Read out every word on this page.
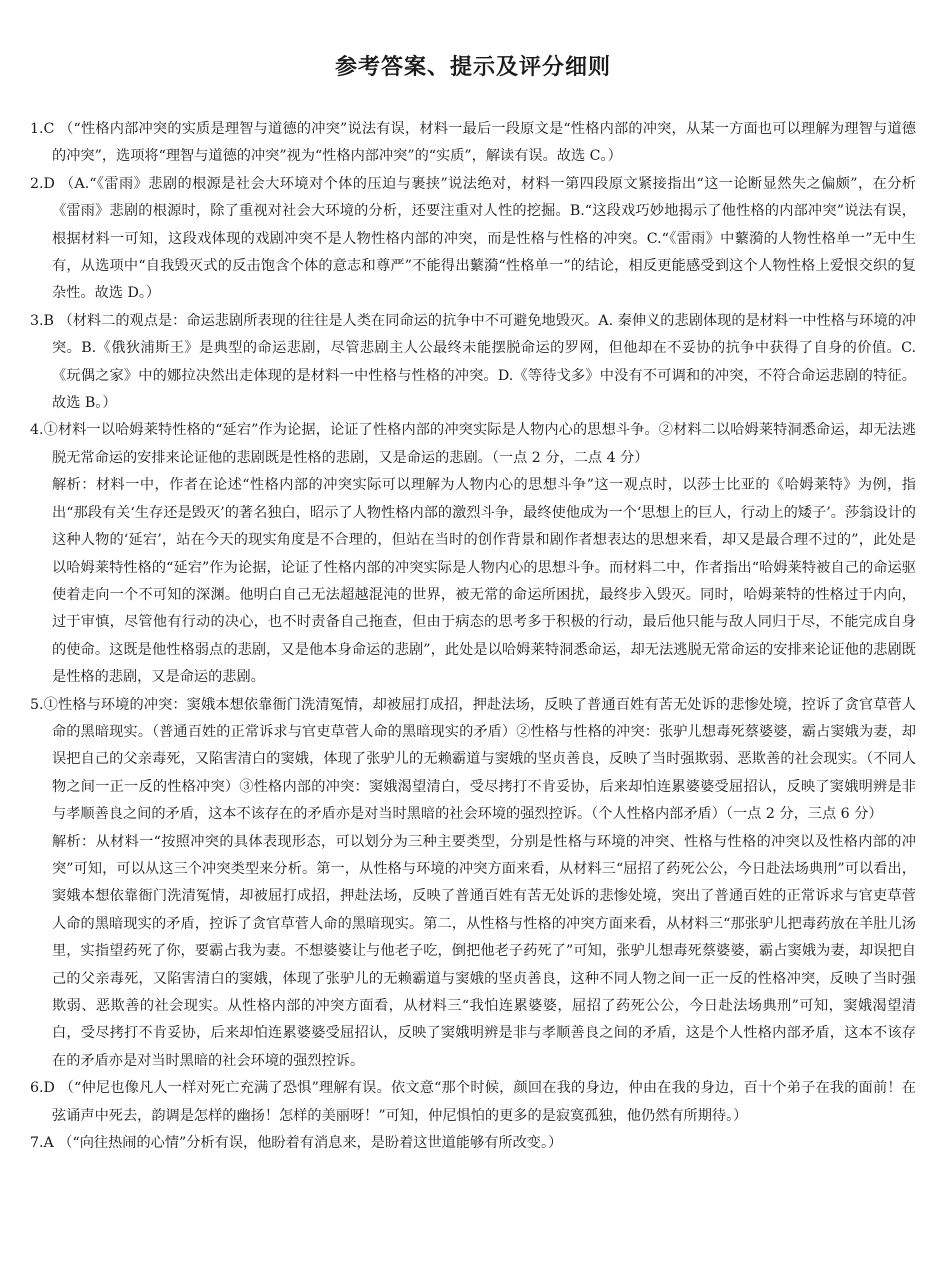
参考答案、提示及评分细则

1.C （“性格内部冲突的实质是理智与道德的冲突”说法有误，材料一最后一段原文是“性格内部的冲突，从某一方面也可以理解为理智与道德的冲突”，选项将“理智与道德的冲突”视为“性格内部冲突”的“实质”，解读有误。故选 C。）

2.D （A.“《雷雨》悲剧的根源是社会大环境对个体的压迫与裹挟”说法绝对，材料一第四段原文紧接指出“这一论断显然失之偏颇”，在分析《雷雨》悲剧的根源时，除了重视对社会大环境的分析，还要注重对人性的挖掘。B.“这段戏巧妙地揭示了他性格的内部冲突”说法有误，根据材料一可知，这段戏体现的戏剧冲突不是人物性格内部的冲突，而是性格与性格的冲突。C.“《雷雨》中蘩漪的人物性格单一”无中生有，从选项中“自我毁灭式的反击饱含个体的意志和尊严”不能得出蘩漪“性格单一”的结论，相反更能感受到这个人物性格上爱恨交织的复杂性。故选 D。）

3.B （材料二的观点是：命运悲剧所表现的往往是人类在同命运的抗争中不可避免地毁灭。A. 秦伸义的悲剧体现的是材料一中性格与环境的冲突。B.《俄狄浦斯王》是典型的命运悲剧，尽管悲剧主人公最终未能摆脱命运的罗网，但他却在不妥协的抗争中获得了自身的价值。C.《玩偶之家》中的娜拉决然出走体现的是材料一中性格与性格的冲突。D.《等待戈多》中没有不可调和的冲突，不符合命运悲剧的特征。故选 B。）

4.①材料一以哈姆莱特性格的“延宕”作为论据，论证了性格内部的冲突实际是人物内心的思想斗争。②材料二以哈姆莱特洞悉命运，却无法逃脱无常命运的安排来论证他的悲剧既是性格的悲剧，又是命运的悲剧。（一点 2 分，二点 4 分）

解析：材料一中，作者在论述“性格内部的冲突实际可以理解为人物内心的思想斗争”这一观点时，以莎士比亚的《哈姆莱特》为例，指出“那段有关‘生存还是毁灭’的著名独白，昭示了人物性格内部的激烈斗争，最终使他成为一个‘思想上的巨人，行动上的矮子’。莎翁设计的这种人物的‘延宕’，站在今天的现实角度是不合理的，但站在当时的创作背景和剧作者想表达的思想来看，却又是最合理不过的”，此处是以哈姆莱特性格的“延宕”作为论据，论证了性格内部的冲突实际是人物内心的思想斗争。而材料二中，作者指出“哈姆莱特被自己的命运驱使着走向一个不可知的深渊。他明白自己无法超越混沌的世界，被无常的命运所困扰，最终步入毁灭。同时，哈姆莱特的性格过于内向，过于审慎，尽管他有行动的决心，也不时责备自己拖查，但由于病态的思考多于积极的行动，最后他只能与敌人同归于尽，不能完成自身的使命。这既是他性格弱点的悲剧，又是他本身命运的悲剧”，此处是以哈姆莱特洞悉命运，却无法逃脱无常命运的安排来论证他的悲剧既是性格的悲剧，又是命运的悲剧。

5.①性格与环境的冲突：窦娥本想依靠衙门洗清冤情，却被屈打成招，押赴法场，反映了普通百姓有苦无处诉的悲惨处境，控诉了贪官草菅人命的黑暗现实。（普通百姓的正常诉求与官吏草菅人命的黑暗现实的矛盾）②性格与性格的冲突：张驴儿想毒死蔡婆婆，霸占窦娥为妻，却误把自己的父亲毒死，又陷害清白的窦娥，体现了张驴儿的无赖霸道与窦娥的坚贞善良，反映了当时强欺弱、恶欺善的社会现实。（不同人物之间一正一反的性格冲突）③性格内部的冲突：窦娥渴望清白，受尽拷打不肯妥协，后来却怕连累婆婆受屈招认，反映了窦娥明辨是非与孝顺善良之间的矛盾，这本不该存在的矛盾亦是对当时黑暗的社会环境的强烈控诉。（个人性格内部矛盾）（一点 2 分，三点 6 分）

解析：从材料一“按照冲突的具体表现形态，可以划分为三种主要类型，分别是性格与环境的冲突、性格与性格的冲突以及性格内部的冲突”可知，可以从这三个冲突类型来分析。第一，从性格与环境的冲突方面来看，从材料三“屈招了药死公公，今日赴法场典刑”可以看出，窦娥本想依靠衙门洗清冤情，却被屈打成招，押赴法场，反映了普通百姓有苦无处诉的悲惨处境，突出了普通百姓的正常诉求与官吏草菅人命的黑暗现实的矛盾，控诉了贪官草菅人命的黑暗现实。第二，从性格与性格的冲突方面来看，从材料三“那张驴儿把毒药放在羊肚儿汤里，实指望药死了你，要霸占我为妻。不想婆婆让与他老子吃，倒把他老子药死了”可知，张驴儿想毒死蔡婆婆，霸占窦娥为妻，却误把自己的父亲毒死，又陷害清白的窦娥，体现了张驴儿的无赖霸道与窦娥的坚贞善良，这种不同人物之间一正一反的性格冲突，反映了当时强欺弱、恶欺善的社会现实。从性格内部的冲突方面看，从材料三“我怕连累婆婆，屈招了药死公公，今日赴法场典刑”可知，窦娥渴望清白，受尽拷打不肯妥协，后来却怕连累婆婆受屈招认，反映了窦娥明辨是非与孝顺善良之间的矛盾，这是个人性格内部矛盾，这本不该存在的矛盾亦是对当时黑暗的社会环境的强烈控诉。

6.D （“仲尼也像凡人一样对死亡充满了恐惧”理解有误。依文意“那个时候，颜回在我的身边，仲由在我的身边，百十个弟子在我的面前！在弦诵声中死去，韵调是怎样的幽扬！怎样的美丽呀！”可知，仲尼惧怕的更多的是寂寞孤独，他仍然有所期待。）

7.A （“向往热闹的心情”分析有误，他盼着有消息来，是盼着这世道能够有所改变。）
